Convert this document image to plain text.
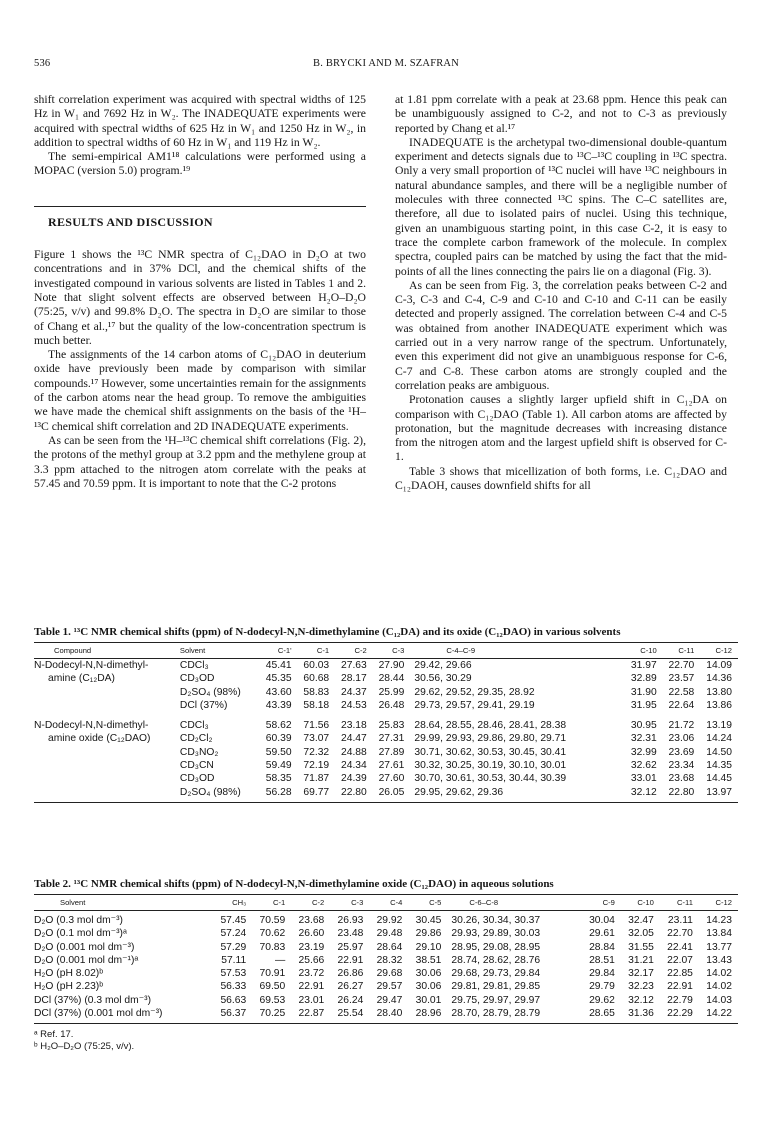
536	B. BRYCKI AND M. SZAFRAN

shift correlation experiment was acquired with spectral widths of 125 Hz in W₁ and 7692 Hz in W₂. The INADEQUATE experiments were acquired with spectral widths of 625 Hz in W₁ and 1250 Hz in W₂, in addition to spectral widths of 60 Hz in W₁ and 119 Hz in W₂.

The semi-empirical AM1¹⁸ calculations were performed using a MOPAC (version 5.0) program.¹⁹

RESULTS AND DISCUSSION

Figure 1 shows the ¹³C NMR spectra of C₁₂DAO in D₂O at two concentrations and in 37% DCl, and the chemical shifts of the investigated compound in various solvents are listed in Tables 1 and 2. Note that slight solvent effects are observed between H₂O–D₂O (75:25, v/v) and 99.8% D₂O. The spectra in D₂O are similar to those of Chang et al.,¹⁷ but the quality of the low-concentration spectrum is much better.

The assignments of the 14 carbon atoms of C₁₂DAO in deuterium oxide have previously been made by comparison with similar compounds.¹⁷ However, some uncertainties remain for the assignments of the carbon atoms near the head group. To remove the ambiguities we have made the chemical shift assignments on the basis of the ¹H–¹³C chemical shift correlation and 2D INADEQUATE experiments.

As can be seen from the ¹H–¹³C chemical shift correlations (Fig. 2), the protons of the methyl group at 3.2 ppm and the methylene group at 3.3 ppm attached to the nitrogen atom correlate with the peaks at 57.45 and 70.59 ppm. It is important to note that the C-2 protons

at 1.81 ppm correlate with a peak at 23.68 ppm. Hence this peak can be unambiguously assigned to C-2, and not to C-3 as previously reported by Chang et al.¹⁷

INADEQUATE is the archetypal two-dimensional double-quantum experiment and detects signals due to ¹³C–¹³C coupling in ¹³C spectra. Only a very small proportion of ¹³C nuclei will have ¹³C neighbours in natural abundance samples, and there will be a negligible number of molecules with three connected ¹³C spins. The C–C satellites are, therefore, all due to isolated pairs of nuclei. Using this technique, given an unambiguous starting point, in this case C-2, it is easy to trace the complete carbon framework of the molecule. In complex spectra, coupled pairs can be matched by using the fact that the mid-points of all the lines connecting the pairs lie on a diagonal (Fig. 3).

As can be seen from Fig. 3, the correlation peaks between C-2 and C-3, C-3 and C-4, C-9 and C-10 and C-10 and C-11 can be easily detected and properly assigned. The correlation between C-4 and C-5 was obtained from another INADEQUATE experiment which was carried out in a very narrow range of the spectrum. Unfortunately, even this experiment did not give an unambiguous response for C-6, C-7 and C-8. These carbon atoms are strongly coupled and the correlation peaks are ambiguous.

Protonation causes a slightly larger upfield shift in C₁₂DA on comparison with C₁₂DAO (Table 1). All carbon atoms are affected by protonation, but the magnitude decreases with increasing distance from the nitrogen atom and the largest upfield shift is observed for C-1.

Table 3 shows that micellization of both forms, i.e. C₁₂DAO and C₁₂DAOH, causes downfield shifts for all

Table 1. ¹³C NMR chemical shifts (ppm) of N-dodecyl-N,N-dimethylamine (C₁₂DA) and its oxide (C₁₂DAO) in various solvents

Compound	Solvent	C-1'	C-1	C-2	C-3	C-4–C-9	C-10	C-11	C-12
N-Dodecyl-N,N-dimethyl-	CDCl₃	45.41	60.03	27.63	27.90	29.42, 29.66	31.97	22.70	14.09
amine (C₁₂DA)	CD₃OD	45.35	60.68	28.17	28.44	30.56, 30.29	32.89	23.57	14.36
	D₂SO₄ (98%)	43.60	58.83	24.37	25.99	29.62, 29.52, 29.35, 28.92	31.90	22.58	13.80
	DCl (37%)	43.39	58.18	24.53	26.48	29.73, 29.57, 29.41, 29.19	31.95	22.64	13.86
N-Dodecyl-N,N-dimethyl-	CDCl₃	58.62	71.56	23.18	25.83	28.64, 28.55, 28.46, 28.41, 28.38	30.95	21.72	13.19
amine oxide (C₁₂DAO)	CD₂Cl₂	60.39	73.07	24.47	27.31	29.99, 29.93, 29.86, 29.80, 29.71	32.31	23.06	14.24
	CD₃NO₂	59.50	72.32	24.88	27.89	30.71, 30.62, 30.53, 30.45, 30.41	32.99	23.69	14.50
	CD₃CN	59.49	72.19	24.34	27.61	30.32, 30.25, 30.19, 30.10, 30.01	32.62	23.34	14.35
	CD₃OD	58.35	71.87	24.39	27.60	30.70, 30.61, 30.53, 30.44, 30.39	33.01	23.68	14.45
	D₂SO₄ (98%)	56.28	69.77	22.80	26.05	29.95, 29.62, 29.36	32.12	22.80	13.97

Table 2. ¹³C NMR chemical shifts (ppm) of N-dodecyl-N,N-dimethylamine oxide (C₁₂DAO) in aqueous solutions

Solvent	CH₃	C-1	C-2	C-3	C-4	C-5	C-6–C-8	C-9	C-10	C-11	C-12
D₂O (0.3 mol dm⁻³)	57.45	70.59	23.68	26.93	29.92	30.45	30.26, 30.34, 30.37	30.04	32.47	23.11	14.23
D₂O (0.1 mol dm⁻³)ᵃ	57.24	70.62	26.60	23.48	29.48	29.86	29.93, 29.89, 30.03	29.61	32.05	22.70	13.84
D₂O (0.001 mol dm⁻³)	57.29	70.83	23.19	25.97	28.64	29.10	28.95, 29.08, 28.95	28.84	31.55	22.41	13.77
D₂O (0.001 mol dm⁻¹)ᵃ	57.11	—	25.66	22.91	28.32	38.51	28.74, 28.62, 28.76	28.51	31.21	22.07	13.43
H₂O (pH 8.02)ᵇ	57.53	70.91	23.72	26.86	29.68	30.06	29.68, 29.73, 29.84	29.84	32.17	22.85	14.02
H₂O (pH 2.23)ᵇ	56.33	69.50	22.91	26.27	29.57	30.06	29.81, 29.81, 29.85	29.79	32.23	22.91	14.02
DCl (37%) (0.3 mol dm⁻³)	56.63	69.53	23.01	26.24	29.47	30.01	29.75, 29.97, 29.97	29.62	32.12	22.79	14.03
DCl (37%) (0.001 mol dm⁻³)	56.37	70.25	22.87	25.54	28.40	28.96	28.70, 28.79, 28.79	28.65	31.36	22.29	14.22
ᵃ Ref. 17.
ᵇ H₂O–D₂O (75:25, v/v).
